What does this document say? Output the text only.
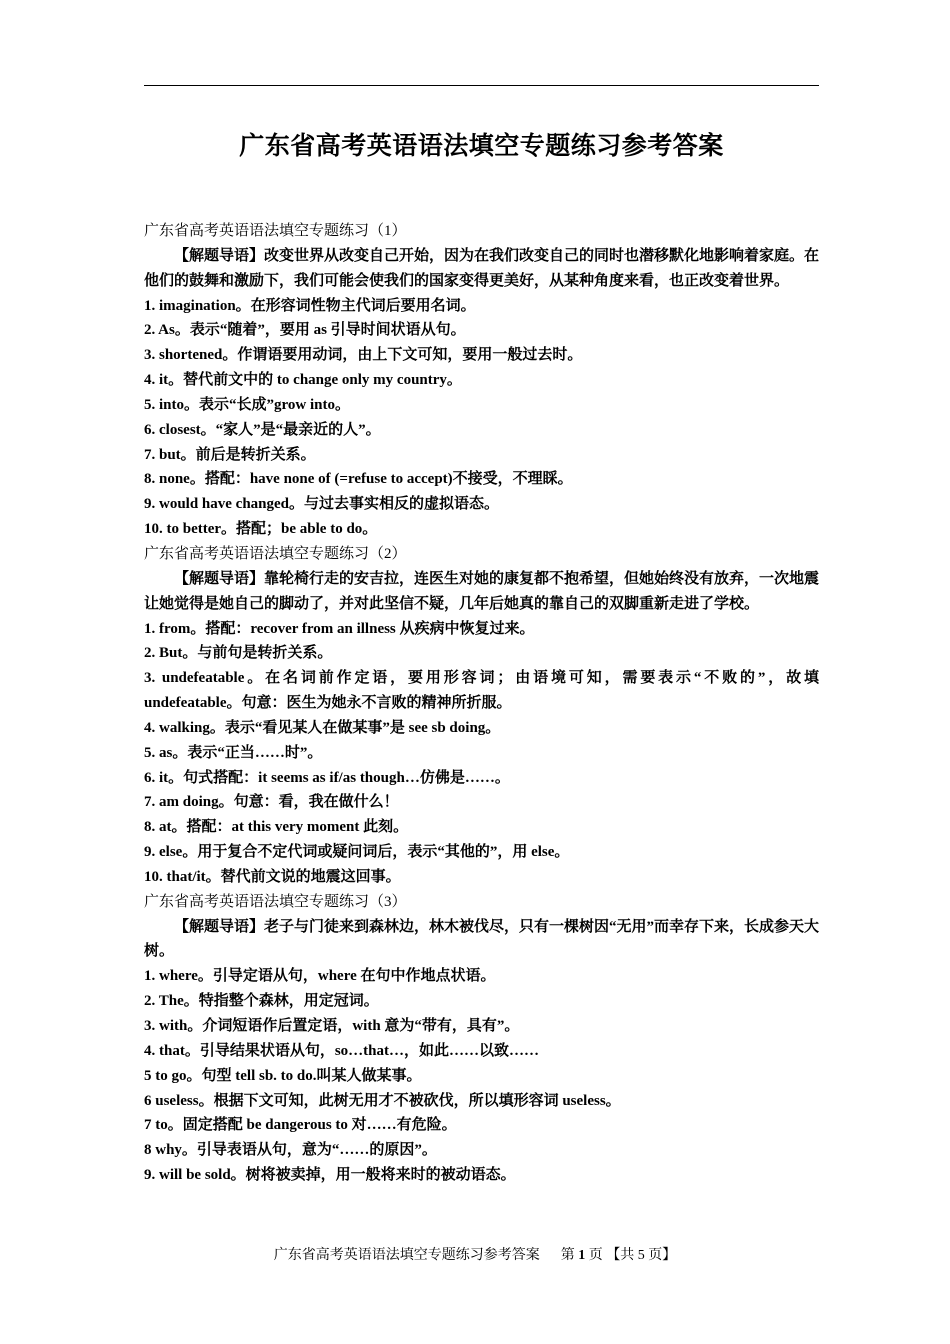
广东省高考英语语法填空专题练习参考答案
广东省高考英语语法填空专题练习（1）
【解题导语】改变世界从改变自己开始，因为在我们改变自己的同时也潜移默化地影响着家庭。在他们的鼓舞和激励下，我们可能会使我们的国家变得更美好，从某种角度来看，也正改变着世界。
1. imagination。在形容词性物主代词后要用名词。
2. As。表示“随着”，要用 as 引导时间状语从句。
3. shortened。作谓语要用动词，由上下文可知，要用一般过去时。
4. it。替代前文中的 to change only my country。
5. into。表示“长成”grow into。
6. closest。“家人”是“最亲近的人”。
7. but。前后是转折关系。
8. none。搭配：have none of (=refuse to accept)不接受，不理睬。
9. would have changed。与过去事实相反的虚拟语态。
10. to better。搭配；be able to do。
广东省高考英语语法填空专题练习（2）
【解题导语】靠轮椅行走的安吉拉，连医生对她的康复都不抱希望，但她始终没有放弃，一次地震让她觉得是她自己的脚动了，并对此坚信不疑，几年后她真的靠自己的双脚重新走进了学校。
1. from。搭配：recover from an illness 从疾病中恢复过来。
2. But。与前句是转折关系。
3. undefeatable。在名词前作定语，要用形容词；由语境可知，需要表示“不败的”，故填 undefeatable。句意：医生为她永不言败的精神所折服。
4. walking。表示“看见某人在做某事”是 see sb doing。
5. as。表示“正当……时”。
6. it。句式搭配：it seems as if/as though…仿佛是……。
7. am doing。句意：看，我在做什么！
8. at。搭配：at this very moment 此刻。
9. else。用于复合不定代词或疑问词后，表示“其他的”，用 else。
10. that/it。替代前文说的地震这回事。
广东省高考英语语法填空专题练习（3）
【解题导语】老子与门徒来到森林边，林木被伐尽，只有一棵树因“无用”而幸存下来，长成参天大树。
1. where。引导定语从句，where 在句中作地点状语。
2. The。特指整个森林，用定冠词。
3. with。介词短语作后置定语，with 意为“带有，具有”。
4. that。引导结果状语从句，so…that…，如此……以致……
5 to go。句型 tell sb. to do.叫某人做某事。
6 useless。根据下文可知，此树无用才不被砍伐，所以填形容词 useless。
7 to。固定搭配 be dangerous to 对……有危险。
8 why。引导表语从句，意为“……的原因”。
9. will be sold。树将被卖掉，用一般将来时的被动语态。
广东省高考英语语法填空专题练习参考答案 第 1 页 【共 5 页】
